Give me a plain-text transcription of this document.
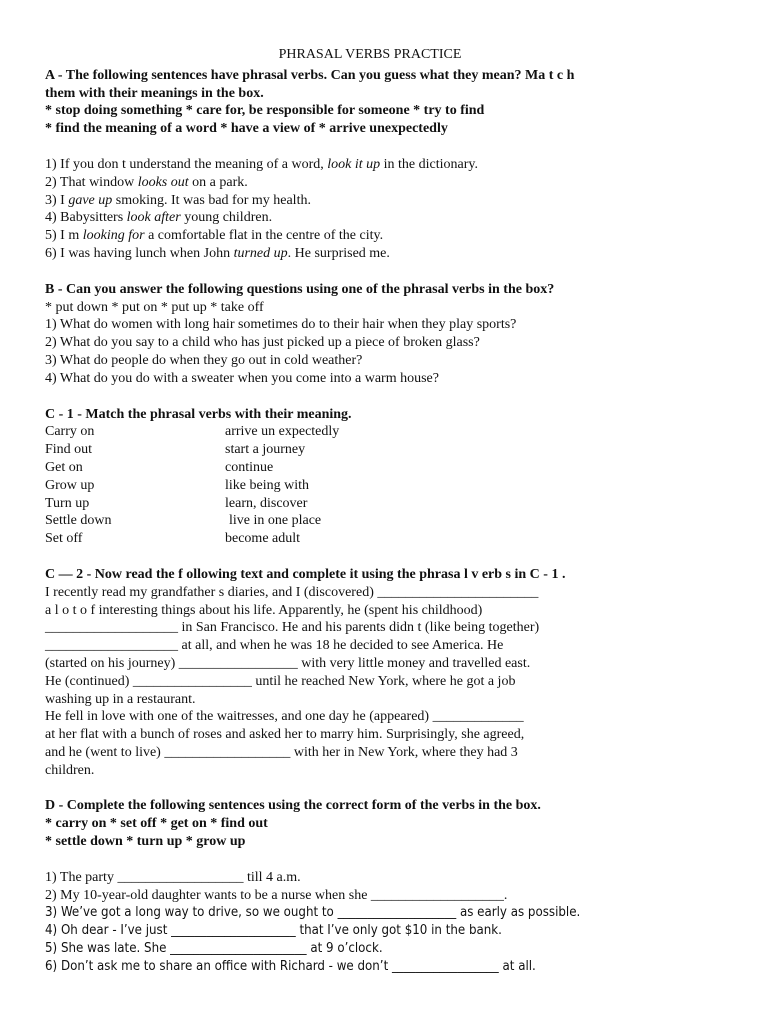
PHRASAL VERBS PRACTICE
A - The following sentences have phrasal verbs. Can you guess what they mean? Ma t c h
them with their meanings in the box.
* stop doing something * care for, be responsible for someone * try to find
* find the meaning of a word * have a view of * arrive unexpectedly
1) If you don t understand the meaning of a word, look it up in the dictionary.
2) That window looks out on a park.
3) I gave up smoking. It was bad for my health.
4) Babysitters look after young children.
5) I m looking for a comfortable flat in the centre of the city.
6) I was having lunch when John turned up. He surprised me.
B - Can you answer the following questions using one of the phrasal verbs in the box?
* put down * put on * put up * take off
1) What do women with long hair sometimes do to their hair when they play sports?
2) What do you say to a child who has just picked up a piece of broken glass?
3) What do people do when they go out in cold weather?
4) What do you do with a sweater when you come into a warm house?
C - 1 - Match the phrasal verbs with their meaning.
Carry on	arrive un expectedly
Find out	start a journey
Get on	continue
Grow up	like being with
Turn up	learn, discover
Settle down	live in one place
Set off	become adult
C — 2 - Now read the f ollowing text and complete it using the phrasa l v erb s in C - 1 .
I recently read my grandfather s diaries, and I (discovered) _______________________
a l o t o f interesting things about his life. Apparently, he (spent his childhood)
___________________ in San Francisco. He and his parents didn t (like being together)
___________________ at all, and when he was 18 he decided to see America. He
(started on his journey) _________________ with very little money and travelled east.
He (continued) _________________ until he reached New York, where he got a job
washing up in a restaurant.
He fell in love with one of the waitresses, and one day he (appeared) _____________
at her flat with a bunch of roses and asked her to marry him. Surprisingly, she agreed,
and he (went to live) __________________ with her in New York, where they had 3
children.
D - Complete the following sentences using the correct form of the verbs in the box.
* carry on * set off * get on * find out
* settle down * turn up * grow up
1) The party __________________ till 4 a.m.
2) My 10-year-old daughter wants to be a nurse when she ___________________.
3) We’ve got a long way to drive, so we ought to ____________________ as early as possible.
4) Oh dear - I’ve just _____________________ that I’ve only got $10 in the bank.
5) She was late. She _______________________ at 9 o’clock.
6) Don’t ask me to share an office with Richard - we don’t __________________ at all.
